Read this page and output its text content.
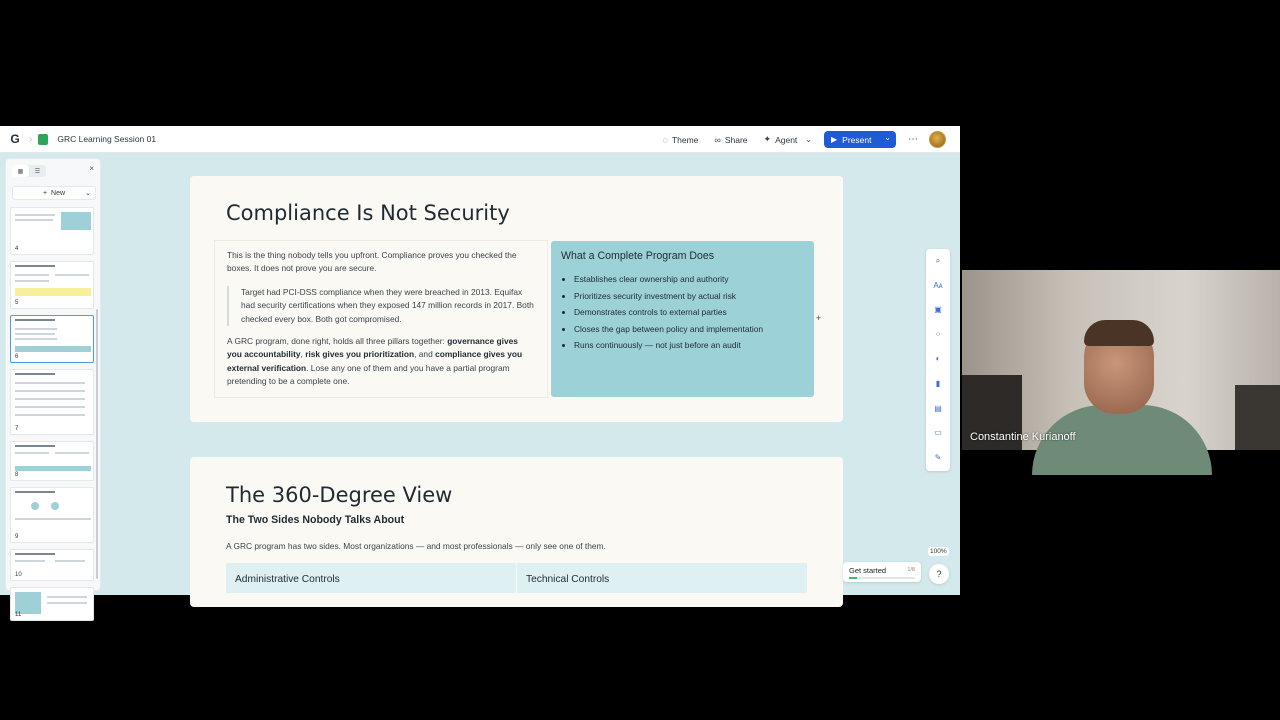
G ›	GRC Learning Session 01	◌ Theme ∞ Share ✦ Agent ⌄ ▶ Present ⌄ ⋯
▦	☰	×
+ New	⌄
4
5
6
7
8
9
10
11
Compliance Is Not Security
This is the thing nobody tells you upfront. Compliance proves you checked the boxes. It does not prove you are secure.
Target had PCI-DSS compliance when they were breached in 2013. Equifax had security certifications when they exposed 147 million records in 2017. Both checked every box. Both got compromised.
A GRC program, done right, holds all three pillars together: governance gives you accountability, risk gives you prioritization, and compliance gives you external verification. Lose any one of them and you have a partial program pretending to be a complete one.
What a Complete Program Does
• Establishes clear ownership and authority
• Prioritizes security investment by actual risk
• Demonstrates controls to external parties
• Closes the gap between policy and implementation
• Runs continuously — not just before an audit
+
The 360-Degree View
The Two Sides Nobody Talks About
A GRC program has two sides. Most organizations — and most professionals — only see one of them.
Administrative Controls	Technical Controls
⌕
Aᴀ
▣
⁘
◐
▮
▤
▭
✎
100%
Get started	1/8	?
Constantine Kurianoff
